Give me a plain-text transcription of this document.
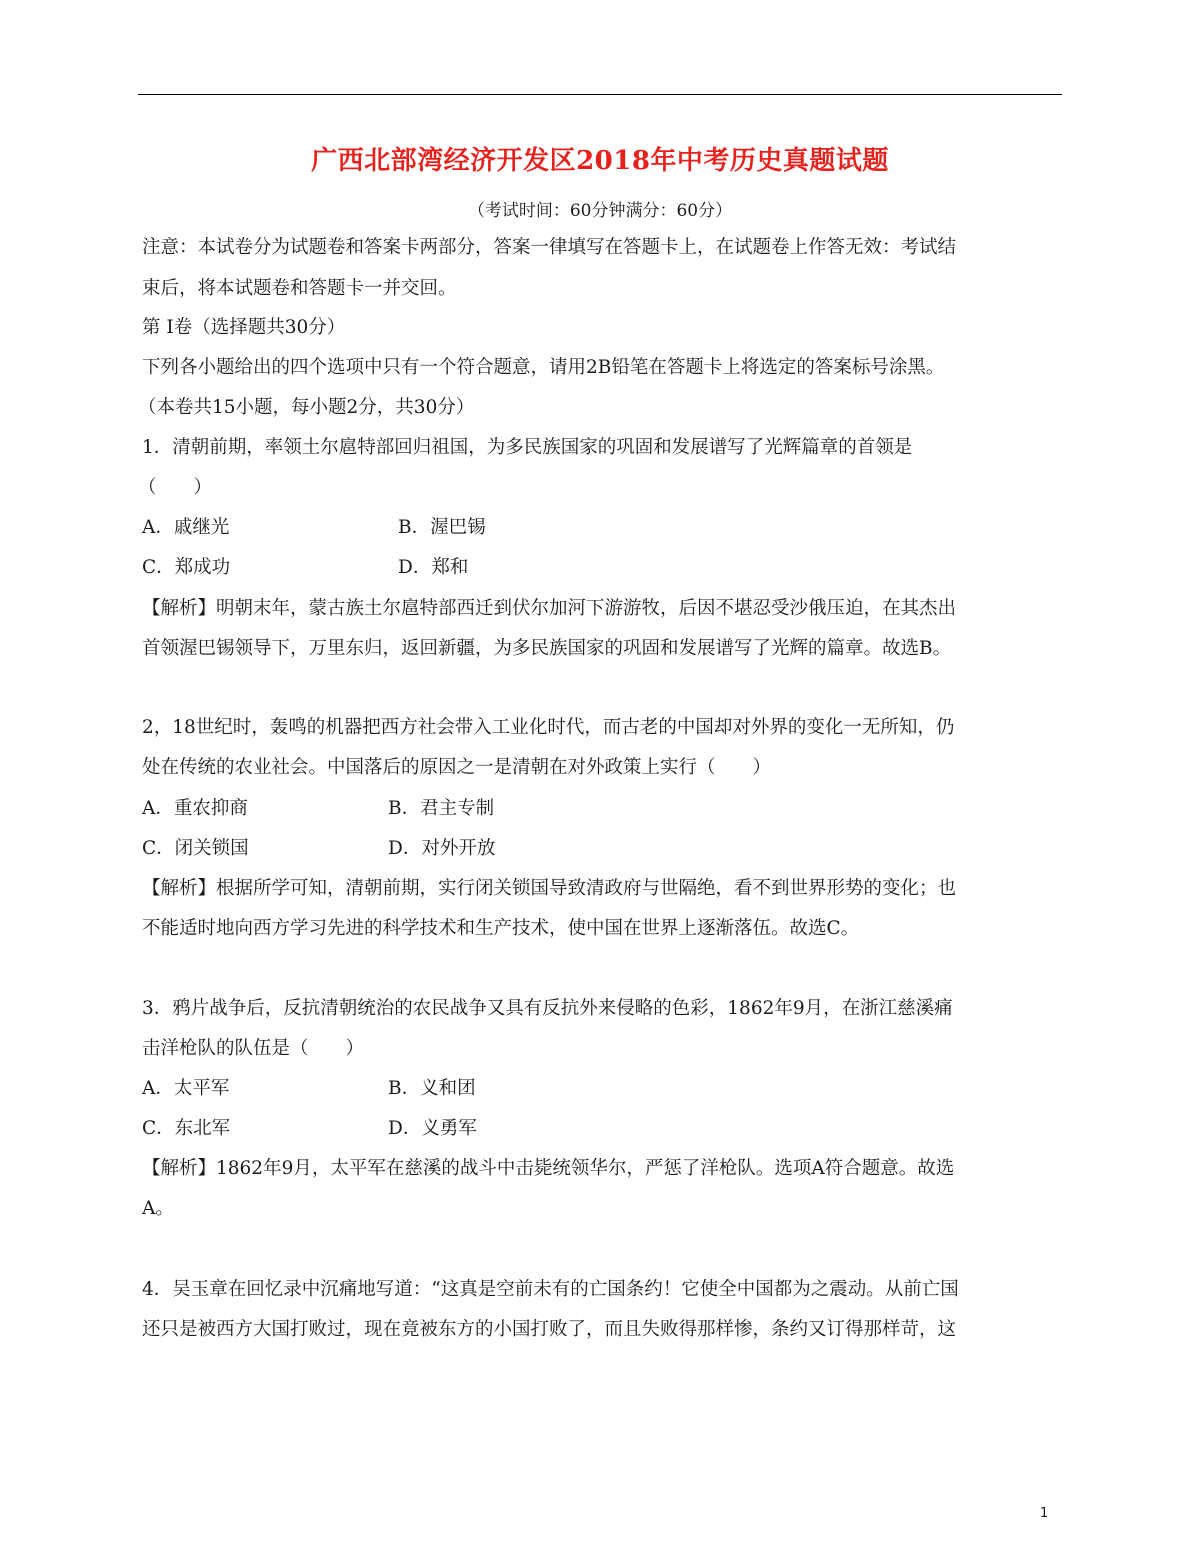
广西北部湾经济开发区2018年中考历史真题试题
（考试时间：60分钟满分：60分）
注意：本试卷分为试题卷和答案卡两部分，答案一律填写在答题卡上，在试题卷上作答无效：考试结
束后，将本试题卷和答题卡一并交回。
第 I卷（选择题共30分）
下列各小题给出的四个选项中只有一个符合题意，请用2B铅笔在答题卡上将选定的答案标号涂黑。
（本卷共15小题，每小题2分，共30分）
1．清朝前期，率领土尔扈特部回归祖国，为多民族国家的巩固和发展谱写了光辉篇章的首领是
（　　）
A．戚继光	B．渥巴锡
C．郑成功	D．郑和
【解析】明朝末年，蒙古族土尔扈特部西迁到伏尔加河下游游牧，后因不堪忍受沙俄压迫，在其杰出
首领渥巴锡领导下，万里东归，返回新疆，为多民族国家的巩固和发展谱写了光辉的篇章。故选B。
2，18世纪时，轰鸣的机器把西方社会带入工业化时代，而古老的中国却对外界的变化一无所知，仍
处在传统的农业社会。中国落后的原因之一是清朝在对外政策上实行（　　）
A．重农抑商	B．君主专制
C．闭关锁国	D．对外开放
【解析】根据所学可知，清朝前期，实行闭关锁国导致清政府与世隔绝，看不到世界形势的变化；也
不能适时地向西方学习先进的科学技术和生产技术，使中国在世界上逐渐落伍。故选C。
3．鸦片战争后，反抗清朝统治的农民战争又具有反抗外来侵略的色彩，1862年9月，在浙江慈溪痛
击洋枪队的队伍是（　　）
A．太平军	B．义和团
C．东北军	D．义勇军
【解析】1862年9月，太平军在慈溪的战斗中击毙统领华尔，严惩了洋枪队。选项A符合题意。故选
A。
4．吴玉章在回忆录中沉痛地写道：“这真是空前未有的亡国条约！它使全中国都为之震动。从前亡国
还只是被西方大国打败过，现在竟被东方的小国打败了，而且失败得那样惨，条约又订得那样苛，这
1
